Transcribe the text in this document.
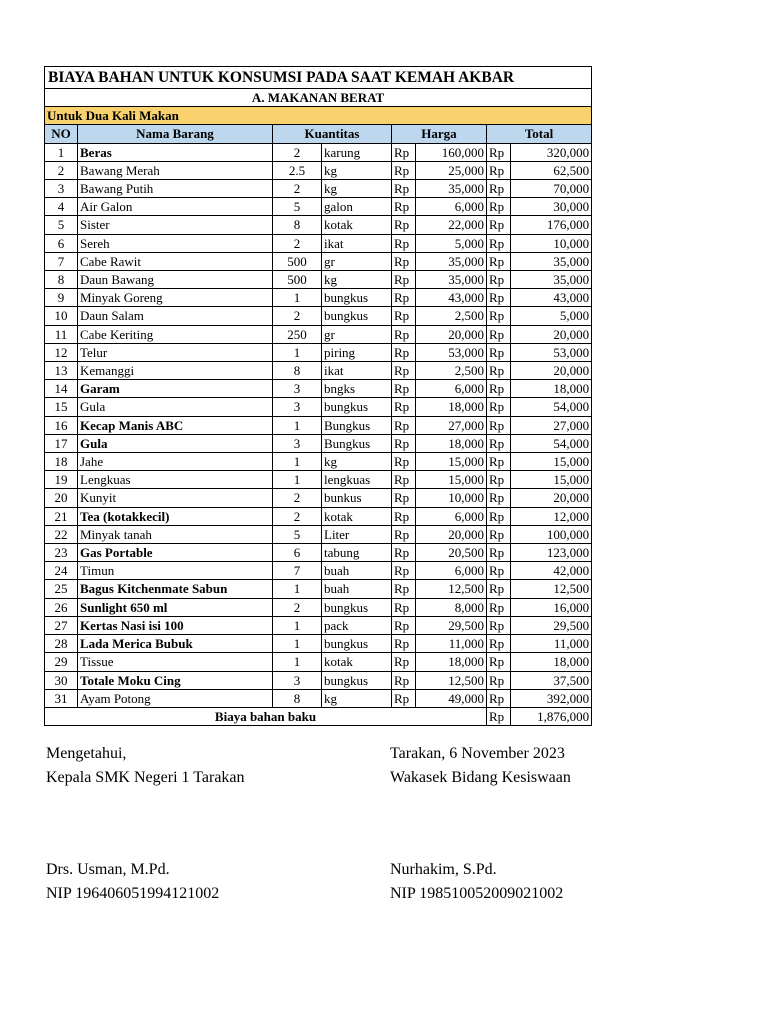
BIAYA BAHAN UNTUK KONSUMSI PADA SAAT KEMAH AKBAR							
A. MAKANAN BERAT							
Untuk Dua Kali Makan							
NO	Nama Barang	Kuantitas		Harga		Total	
1	Beras	2	karung	Rp	160,000	Rp	320,000
2	Bawang Merah	2.5	kg	Rp	25,000	Rp	62,500
3	Bawang Putih	2	kg	Rp	35,000	Rp	70,000
4	Air Galon	5	galon	Rp	6,000	Rp	30,000
5	Sister	8	kotak	Rp	22,000	Rp	176,000
6	Sereh	2	ikat	Rp	5,000	Rp	10,000
7	Cabe Rawit	500	gr	Rp	35,000	Rp	35,000
8	Daun Bawang	500	kg	Rp	35,000	Rp	35,000
9	Minyak Goreng	1	bungkus	Rp	43,000	Rp	43,000
10	Daun Salam	2	bungkus	Rp	2,500	Rp	5,000
11	Cabe Keriting	250	gr	Rp	20,000	Rp	20,000
12	Telur	1	piring	Rp	53,000	Rp	53,000
13	Kemanggi	8	ikat	Rp	2,500	Rp	20,000
14	Garam	3	bngks	Rp	6,000	Rp	18,000
15	Gula	3	bungkus	Rp	18,000	Rp	54,000
16	Kecap Manis ABC	1	Bungkus	Rp	27,000	Rp	27,000
17	Gula	3	Bungkus	Rp	18,000	Rp	54,000
18	Jahe	1	kg	Rp	15,000	Rp	15,000
19	Lengkuas	1	lengkuas	Rp	15,000	Rp	15,000
20	Kunyit	2	bunkus	Rp	10,000	Rp	20,000
21	Tea (kotakkecil)	2	kotak	Rp	6,000	Rp	12,000
22	Minyak tanah	5	Liter	Rp	20,000	Rp	100,000
23	Gas Portable	6	tabung	Rp	20,500	Rp	123,000
24	Timun	7	buah	Rp	6,000	Rp	42,000
25	Bagus Kitchenmate Sabun	1	buah	Rp	12,500	Rp	12,500
26	Sunlight 650 ml	2	bungkus	Rp	8,000	Rp	16,000
27	Kertas Nasi isi 100	1	pack	Rp	29,500	Rp	29,500
28	Lada Merica Bubuk	1	bungkus	Rp	11,000	Rp	11,000
29	Tissue	1	kotak	Rp	18,000	Rp	18,000
30	Totale Moku Cing	3	bungkus	Rp	12,500	Rp	37,500
31	Ayam Potong	8	kg	Rp	49,000	Rp	392,000
Biaya bahan baku						Rp	1,876,000
Mengetahui,
Kepala SMK Negeri 1 Tarakan
Drs. Usman, M.Pd.
NIP 196406051994121002
Tarakan, 6 November 2023
Wakasek Bidang Kesiswaan
Nurhakim, S.Pd.
NIP 198510052009021002
